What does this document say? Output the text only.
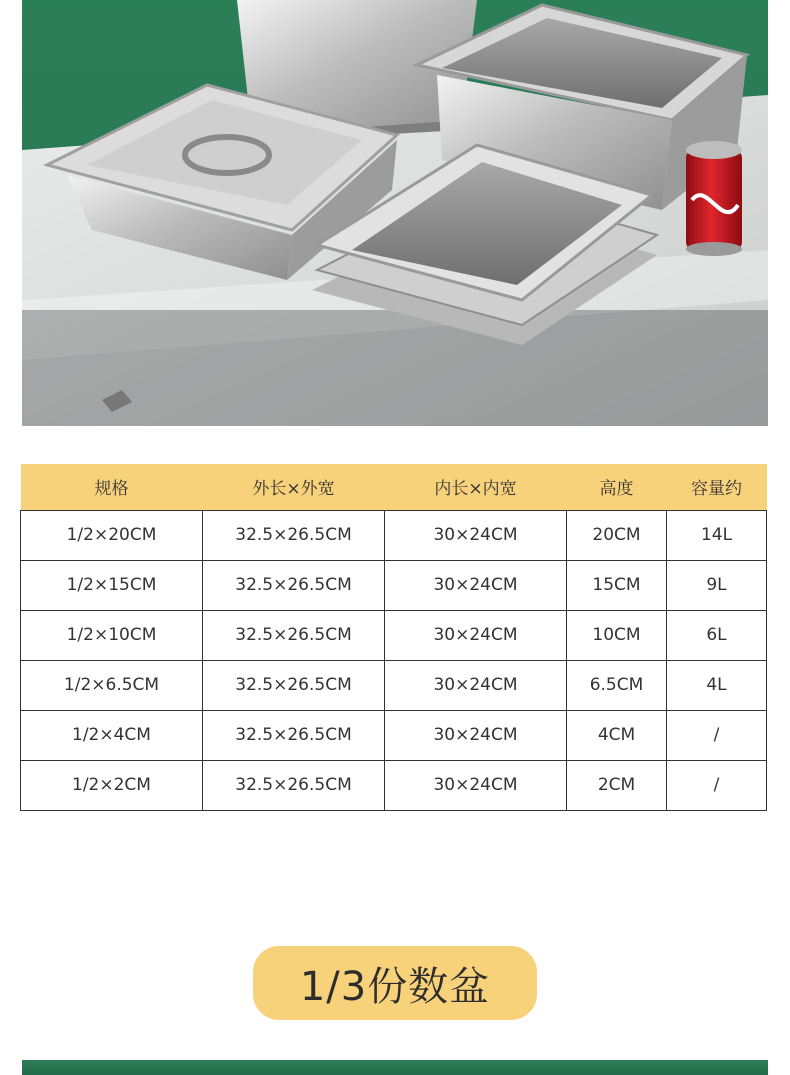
规格	外长×外宽	内长×内宽	高度	容量约
1/2×20CM	32.5×26.5CM	30×24CM	20CM	14L
1/2×15CM	32.5×26.5CM	30×24CM	15CM	9L
1/2×10CM	32.5×26.5CM	30×24CM	10CM	6L
1/2×6.5CM	32.5×26.5CM	30×24CM	6.5CM	4L
1/2×4CM	32.5×26.5CM	30×24CM	4CM	/
1/2×2CM	32.5×26.5CM	30×24CM	2CM	/
1/3份数盆
